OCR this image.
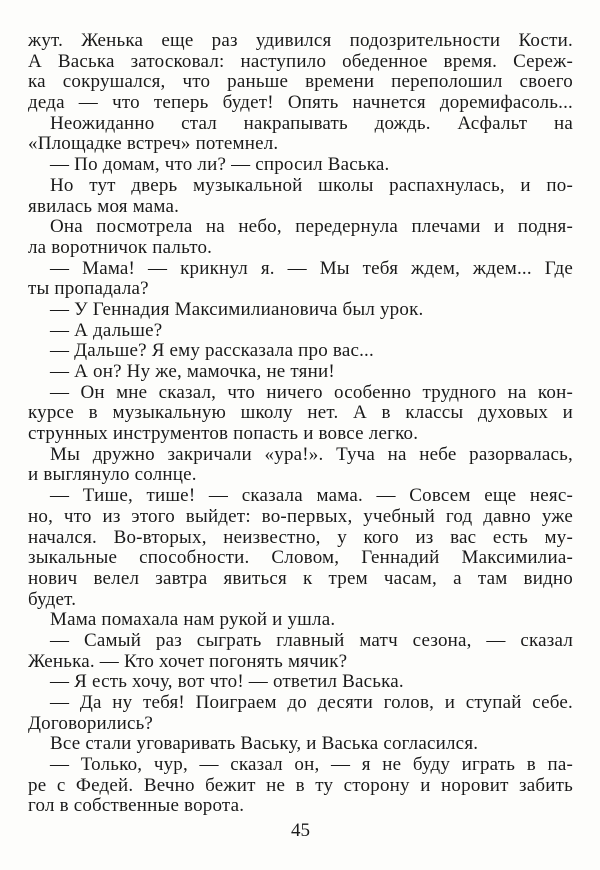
жут. Женька еще раз удивился подозрительности Кости.
А Васька затосковал: наступило обеденное время. Сереж-
ка сокрушался, что раньше времени переполошил своего
деда — что теперь будет! Опять начнется доремифасоль...
Неожиданно стал накрапывать дождь. Асфальт на
«Площадке встреч» потемнел.
— По домам, что ли? — спросил Васька.
Но тут дверь музыкальной школы распахнулась, и по-
явилась моя мама.
Она посмотрела на небо, передернула плечами и подня-
ла воротничок пальто.
— Мама! — крикнул я. — Мы тебя ждем, ждем... Где
ты пропадала?
— У Геннадия Максимилиановича был урок.
— А дальше?
— Дальше? Я ему рассказала про вас...
— А он? Ну же, мамочка, не тяни!
— Он мне сказал, что ничего особенно трудного на кон-
курсе в музыкальную школу нет. А в классы духовых и
струнных инструментов попасть и вовсе легко.
Мы дружно закричали «ура!». Туча на небе разорвалась,
и выглянуло солнце.
— Тише, тише! — сказала мама. — Совсем еще неяс-
но, что из этого выйдет: во-первых, учебный год давно уже
начался. Во-вторых, неизвестно, у кого из вас есть му-
зыкальные способности. Словом, Геннадий Максимилиа-
нович велел завтра явиться к трем часам, а там видно
будет.
Мама помахала нам рукой и ушла.
— Самый раз сыграть главный матч сезона, — сказал
Женька. — Кто хочет погонять мячик?
— Я есть хочу, вот что! — ответил Васька.
— Да ну тебя! Поиграем до десяти голов, и ступай себе.
Договорились?
Все стали уговаривать Ваську, и Васька согласился.
— Только, чур, — сказал он, — я не буду играть в па-
ре с Федей. Вечно бежит не в ту сторону и норовит забить
гол в собственные ворота.
45
